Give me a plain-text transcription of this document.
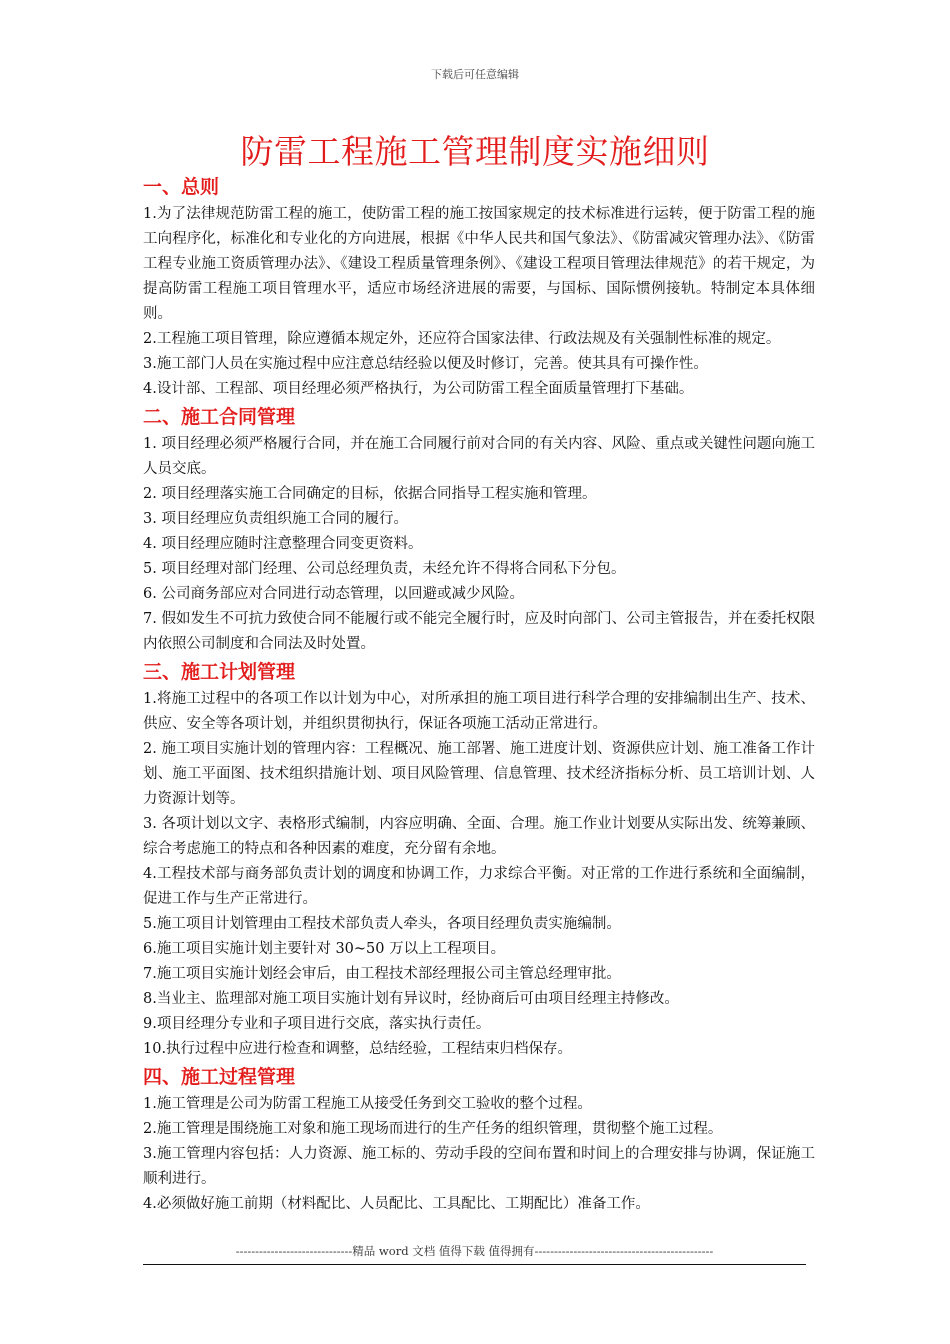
下载后可任意编辑
防雷工程施工管理制度实施细则
一、总则

1.为了法律规范防雷工程的施工，使防雷工程的施工按国家规定的技术标准进行运转，便于防雷工程的施工向程序化，标准化和专业化的方向进展，根据《中华人民共和国气象法》、《防雷减灾管理办法》、《防雷工程专业施工资质管理办法》、《建设工程质量管理条例》、《建设工程项目管理法律规范》的若干规定，为提高防雷工程施工项目管理水平，适应市场经济进展的需要，与国标、国际惯例接轨。特制定本具体细则。

2.工程施工项目管理，除应遵循本规定外，还应符合国家法律、行政法规及有关强制性标准的规定。

3.施工部门人员在实施过程中应注意总结经验以便及时修订，完善。使其具有可操作性。

4.设计部、工程部、项目经理必须严格执行，为公司防雷工程全面质量管理打下基础。

二、施工合同管理

1. 项目经理必须严格履行合同，并在施工合同履行前对合同的有关内容、风险、重点或关键性问题向施工人员交底。

2. 项目经理落实施工合同确定的目标，依据合同指导工程实施和管理。

3. 项目经理应负责组织施工合同的履行。

4. 项目经理应随时注意整理合同变更资料。

5. 项目经理对部门经理、公司总经理负责，未经允许不得将合同私下分包。

6. 公司商务部应对合同进行动态管理，以回避或减少风险。

7. 假如发生不可抗力致使合同不能履行或不能完全履行时，应及时向部门、公司主管报告，并在委托权限内依照公司制度和合同法及时处置。

三、施工计划管理

1.将施工过程中的各项工作以计划为中心，对所承担的施工项目进行科学合理的安排编制出生产、技术、供应、安全等各项计划，并组织贯彻执行，保证各项施工活动正常进行。

2. 施工项目实施计划的管理内容：工程概况、施工部署、施工进度计划、资源供应计划、施工准备工作计划、施工平面图、技术组织措施计划、项目风险管理、信息管理、技术经济指标分析、员工培训计划、人力资源计划等。

3. 各项计划以文字、表格形式编制，内容应明确、全面、合理。施工作业计划要从实际出发、统筹兼顾、综合考虑施工的特点和各种因素的难度，充分留有余地。

4.工程技术部与商务部负责计划的调度和协调工作，力求综合平衡。对正常的工作进行系统和全面编制，促进工作与生产正常进行。

5.施工项目计划管理由工程技术部负责人牵头，各项目经理负责实施编制。

6.施工项目实施计划主要针对 30~50 万以上工程项目。

7.施工项目实施计划经会审后，由工程技术部经理报公司主管总经理审批。

8.当业主、监理部对施工项目实施计划有异议时，经协商后可由项目经理主持修改。

9.项目经理分专业和子项目进行交底，落实执行责任。

10.执行过程中应进行检查和调整，总结经验，工程结束归档保存。

四、施工过程管理

1.施工管理是公司为防雷工程施工从接受任务到交工验收的整个过程。

2.施工管理是围绕施工对象和施工现场而进行的生产任务的组织管理，贯彻整个施工过程。

3.施工管理内容包括：人力资源、施工标的、劳动手段的空间布置和时间上的合理安排与协调，保证施工顺利进行。

4.必须做好施工前期（材料配比、人员配比、工具配比、工期配比）准备工作。

------------------------------精品 word 文档 值得下载 值得拥有----------------------------------------------
